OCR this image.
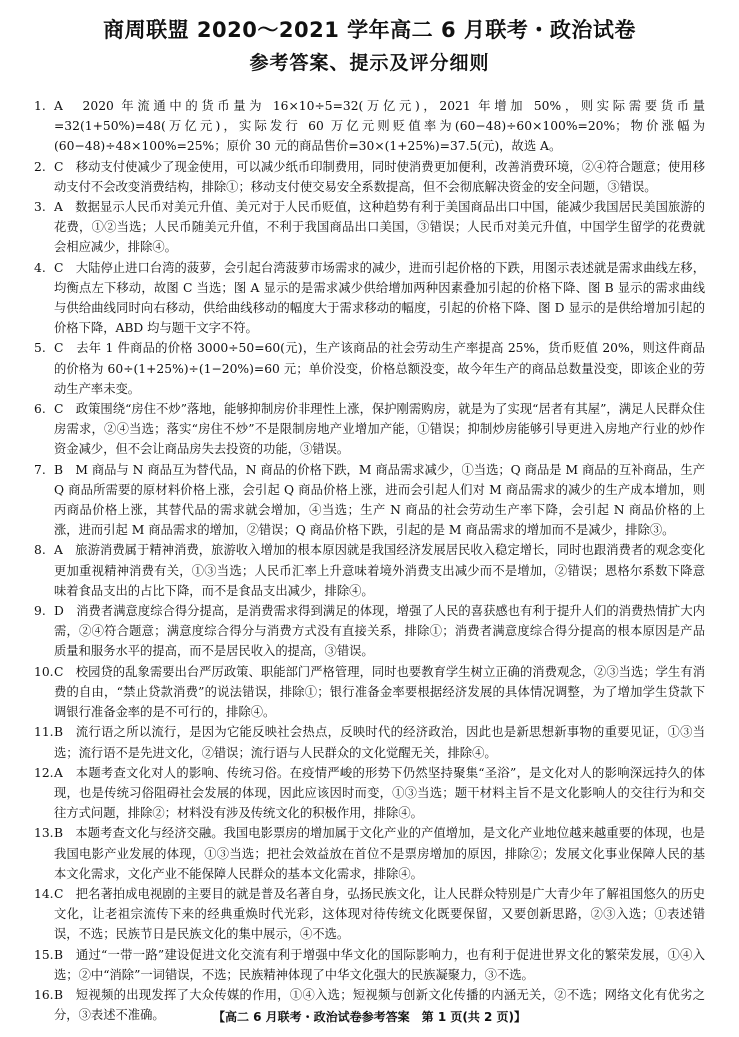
商周联盟 2020～2021 学年高二 6 月联考・政治试卷
参考答案、提示及评分细则
1. A　2020 年流通中的货币量为 16×10÷5=32(万亿元)，2021 年增加 50%，则实际需要货币量=32(1+50%)=48(万亿元)，实际发行 60 万亿元则贬值率为(60−48)÷60×100%=20%；物价涨幅为(60−48)÷48×100%=25%；原价 30 元的商品售价=30×(1+25%)=37.5(元)，故选 A。
2. C　移动支付使减少了现金使用，可以减少纸币印制费用，同时使消费更加便利，改善消费环境，②④符合题意；使用移动支付不会改变消费结构，排除①；移动支付使交易安全系数提高，但不会彻底解决资金的安全问题，③错误。
3. A　数据显示人民币对美元升值、美元对于人民币贬值，这种趋势有利于美国商品出口中国，能减少我国居民美国旅游的花费，①②当选；人民币随美元升值，不利于我国商品出口美国，③错误；人民币对美元升值，中国学生留学的花费就会相应减少，排除④。
4. C　大陆停止进口台湾的菠萝，会引起台湾菠萝市场需求的减少，进而引起价格的下跌，用图示表述就是需求曲线左移，均衡点左下移动，故图 C 当选；图 A 显示的是需求减少供给增加两种因素叠加引起的价格下降、图 B 显示的需求曲线与供给曲线同时向右移动，供给曲线移动的幅度大于需求移动的幅度，引起的价格下降、图 D 显示的是供给增加引起的价格下降，ABD 均与题干文字不符。
5. C　去年 1 件商品的价格 3000÷50=60(元)，生产该商品的社会劳动生产率提高 25%，货币贬值 20%，则这件商品的价格为 60÷(1+25%)÷(1−20%)=60 元；单价没变，价格总额没变，故今年生产的商品总数量没变，即该企业的劳动生产率未变。
6. C　政策围绕“房住不炒”落地，能够抑制房价非理性上涨，保护刚需购房，就是为了实现“居者有其屋”，满足人民群众住房需求，②④当选；落实“房住不炒”不是限制房地产业增加产能，①错误；抑制炒房能够引导更进入房地产行业的炒作资金减少，但不会让商品房失去投资的功能，③错误。
7. B　M 商品与 N 商品互为替代品，N 商品的价格下跌，M 商品需求减少，①当选；Q 商品是 M 商品的互补商品，生产 Q 商品所需要的原材料价格上涨，会引起 Q 商品价格上涨，进而会引起人们对 M 商品需求的减少的生产成本增加，则丙商品价格上涨，其替代品的需求就会增加，④当选；生产 N 商品的社会劳动生产率下降，会引起 N 商品价格的上涨，进而引起 M 商品需求的增加，②错误；Q 商品价格下跌，引起的是 M 商品需求的增加而不是减少，排除③。
8. A　旅游消费属于精神消费，旅游收入增加的根本原因就是我国经济发展居民收入稳定增长，同时也跟消费者的观念变化更加重视精神消费有关，①③当选；人民币汇率上升意味着境外消费支出减少而不是增加，②错误；恩格尔系数下降意味着食品支出的占比下降，而不是食品支出减少，排除④。
9. D　消费者满意度综合得分提高，是消费需求得到满足的体现，增强了人民的喜获感也有利于提升人们的消费热情扩大内需，②④符合题意；满意度综合得分与消费方式没有直接关系，排除①；消费者满意度综合得分提高的根本原因是产品质量和服务水平的提高，而不是居民收入的提高，③错误。
10.C　校园贷的乱象需要出台严厉政策、职能部门严格管理，同时也要教育学生树立正确的消费观念，②③当选；学生有消费的自由，“禁止贷款消费”的说法错误，排除①；银行准备金率要根据经济发展的具体情况调整，为了增加学生贷款下调银行准备金率的是不可行的，排除④。
11.B　流行语之所以流行，是因为它能反映社会热点，反映时代的经济政治，因此也是新思想新事物的重要见证，①③当选；流行语不是先进文化，②错误；流行语与人民群众的文化觉醒无关，排除④。
12.A　本题考查文化对人的影响、传统习俗。在疫情严峻的形势下仍然坚持聚集“圣浴”，是文化对人的影响深远持久的体现，也是传统习俗阻碍社会发展的体现，因此应该因时而变，①③当选；题干材料主旨不是文化影响人的交往行为和交往方式问题，排除②；材料没有涉及传统文化的积极作用，排除④。
13.B　本题考查文化与经济交融。我国电影票房的增加属于文化产业的产值增加，是文化产业地位越来越重要的体现，也是我国电影产业发展的体现，①③当选；把社会效益放在首位不是票房增加的原因，排除②；发展文化事业保障人民的基本文化需求，文化产业不能保障人民群众的基本文化需求，排除④。
14.C　把名著拍成电视剧的主要目的就是普及名著自身，弘扬民族文化，让人民群众特别是广大青少年了解祖国悠久的历史文化，让老祖宗流传下来的经典重焕时代光彩，这体现对待传统文化既要保留，又要创新思路，②③入选；①表述错误，不选；民族节日是民族文化的集中展示，④不选。
15.B　通过“一带一路”建设促进文化交流有利于增强中华文化的国际影响力，也有利于促进世界文化的繁荣发展，①④入选；②中“消除”一词错误，不选；民族精神体现了中华文化强大的民族凝聚力，③不选。
16.B　短视频的出现发挥了大众传媒的作用，①④入选；短视频与创新文化传播的内涵无关，②不选；网络文化有优劣之分，③表述不准确。	【高二 6 月联考・政治试卷参考答案　第 1 页(共 2 页)】
